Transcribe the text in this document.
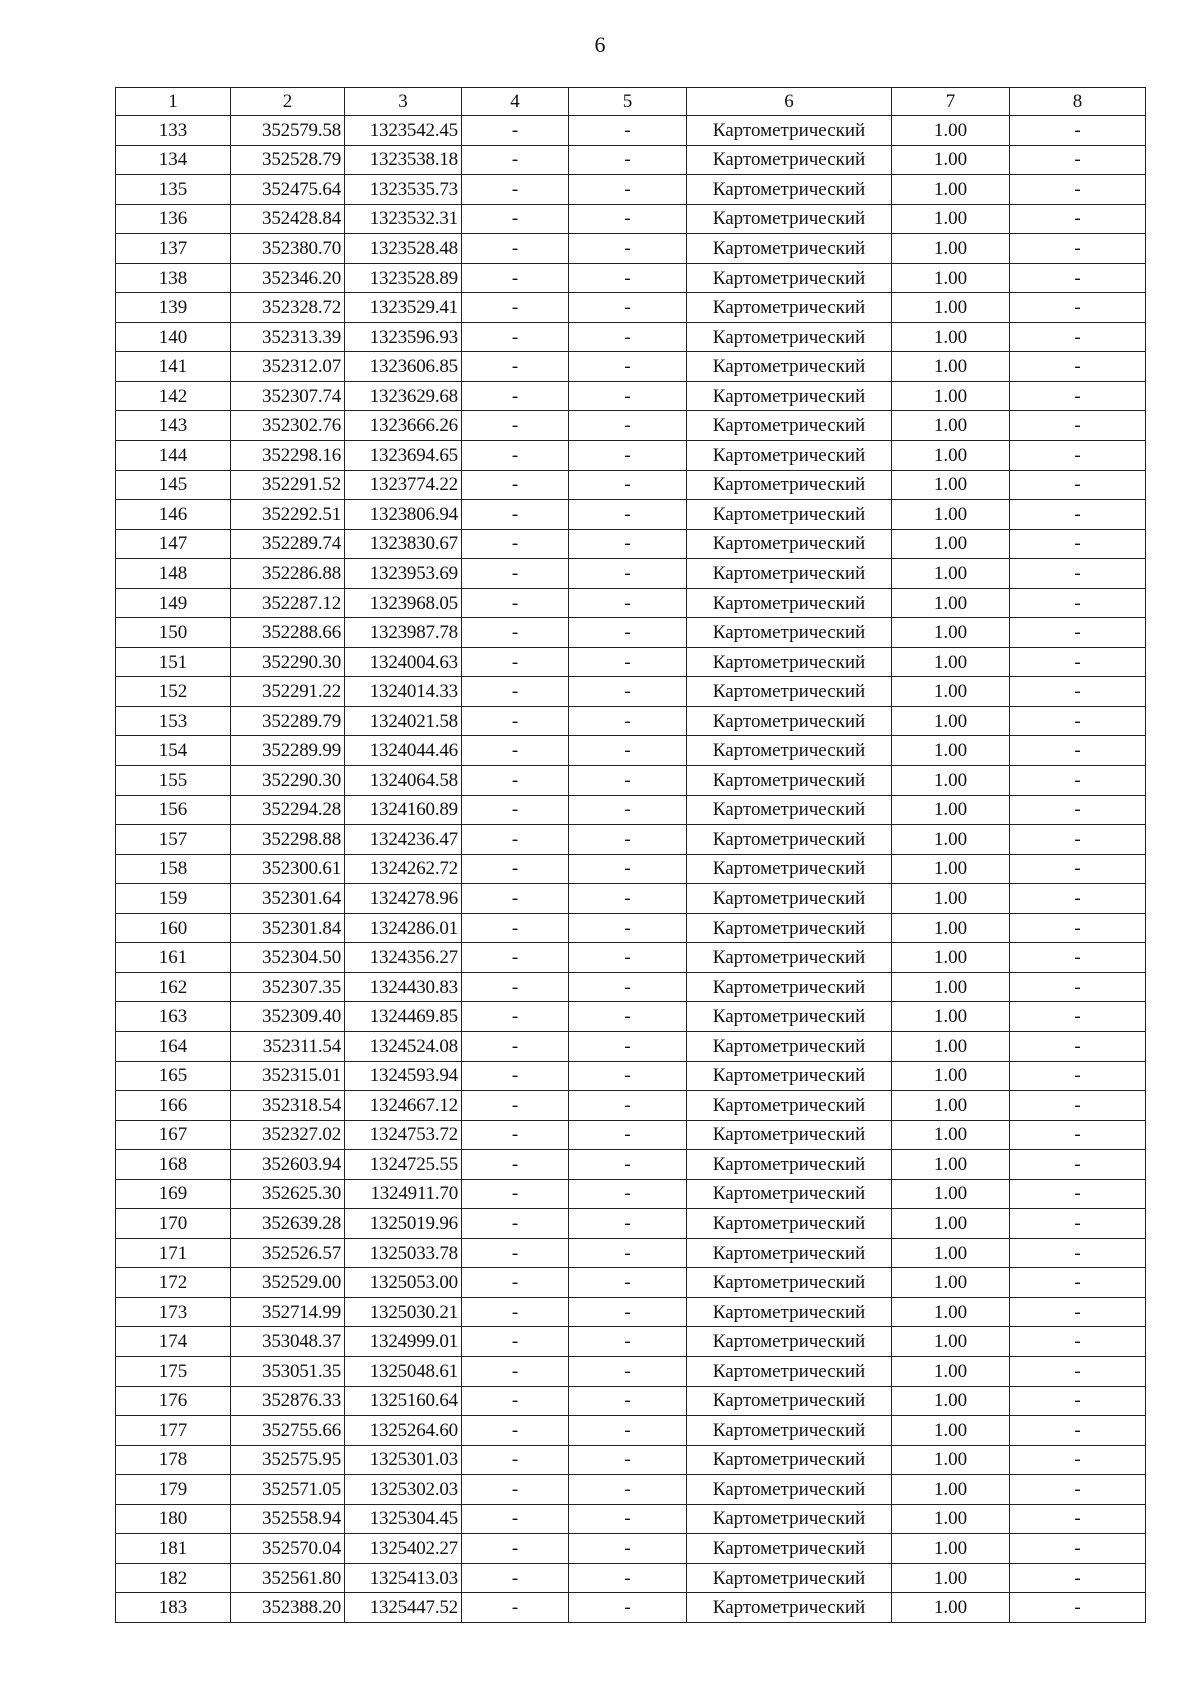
6
1	2	3	4	5	6	7	8
133	352579.58	1323542.45	-	-	Картометрический	1.00	-
134	352528.79	1323538.18	-	-	Картометрический	1.00	-
135	352475.64	1323535.73	-	-	Картометрический	1.00	-
136	352428.84	1323532.31	-	-	Картометрический	1.00	-
137	352380.70	1323528.48	-	-	Картометрический	1.00	-
138	352346.20	1323528.89	-	-	Картометрический	1.00	-
139	352328.72	1323529.41	-	-	Картометрический	1.00	-
140	352313.39	1323596.93	-	-	Картометрический	1.00	-
141	352312.07	1323606.85	-	-	Картометрический	1.00	-
142	352307.74	1323629.68	-	-	Картометрический	1.00	-
143	352302.76	1323666.26	-	-	Картометрический	1.00	-
144	352298.16	1323694.65	-	-	Картометрический	1.00	-
145	352291.52	1323774.22	-	-	Картометрический	1.00	-
146	352292.51	1323806.94	-	-	Картометрический	1.00	-
147	352289.74	1323830.67	-	-	Картометрический	1.00	-
148	352286.88	1323953.69	-	-	Картометрический	1.00	-
149	352287.12	1323968.05	-	-	Картометрический	1.00	-
150	352288.66	1323987.78	-	-	Картометрический	1.00	-
151	352290.30	1324004.63	-	-	Картометрический	1.00	-
152	352291.22	1324014.33	-	-	Картометрический	1.00	-
153	352289.79	1324021.58	-	-	Картометрический	1.00	-
154	352289.99	1324044.46	-	-	Картометрический	1.00	-
155	352290.30	1324064.58	-	-	Картометрический	1.00	-
156	352294.28	1324160.89	-	-	Картометрический	1.00	-
157	352298.88	1324236.47	-	-	Картометрический	1.00	-
158	352300.61	1324262.72	-	-	Картометрический	1.00	-
159	352301.64	1324278.96	-	-	Картометрический	1.00	-
160	352301.84	1324286.01	-	-	Картометрический	1.00	-
161	352304.50	1324356.27	-	-	Картометрический	1.00	-
162	352307.35	1324430.83	-	-	Картометрический	1.00	-
163	352309.40	1324469.85	-	-	Картометрический	1.00	-
164	352311.54	1324524.08	-	-	Картометрический	1.00	-
165	352315.01	1324593.94	-	-	Картометрический	1.00	-
166	352318.54	1324667.12	-	-	Картометрический	1.00	-
167	352327.02	1324753.72	-	-	Картометрический	1.00	-
168	352603.94	1324725.55	-	-	Картометрический	1.00	-
169	352625.30	1324911.70	-	-	Картометрический	1.00	-
170	352639.28	1325019.96	-	-	Картометрический	1.00	-
171	352526.57	1325033.78	-	-	Картометрический	1.00	-
172	352529.00	1325053.00	-	-	Картометрический	1.00	-
173	352714.99	1325030.21	-	-	Картометрический	1.00	-
174	353048.37	1324999.01	-	-	Картометрический	1.00	-
175	353051.35	1325048.61	-	-	Картометрический	1.00	-
176	352876.33	1325160.64	-	-	Картометрический	1.00	-
177	352755.66	1325264.60	-	-	Картометрический	1.00	-
178	352575.95	1325301.03	-	-	Картометрический	1.00	-
179	352571.05	1325302.03	-	-	Картометрический	1.00	-
180	352558.94	1325304.45	-	-	Картометрический	1.00	-
181	352570.04	1325402.27	-	-	Картометрический	1.00	-
182	352561.80	1325413.03	-	-	Картометрический	1.00	-
183	352388.20	1325447.52	-	-	Картометрический	1.00	-
